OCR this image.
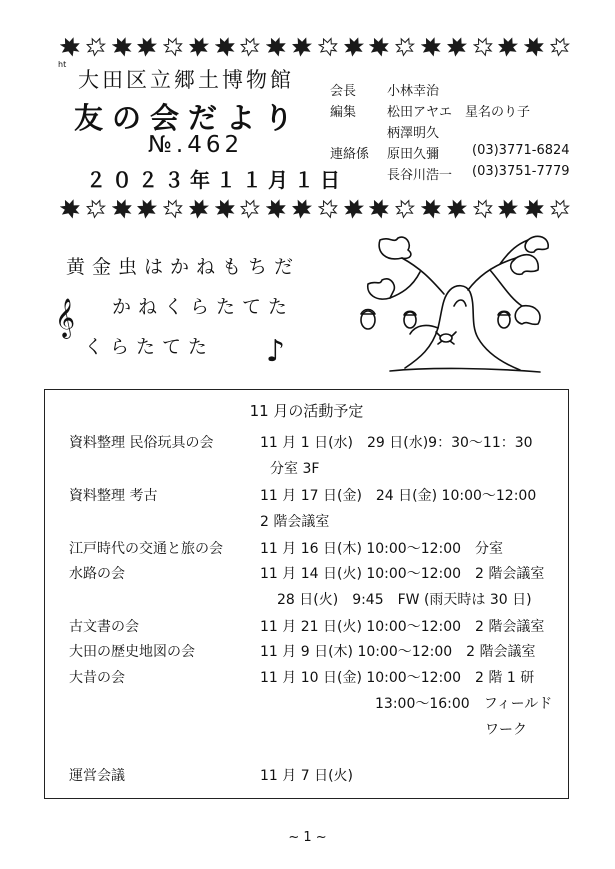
ht
大田区立郷土博物館
友の会だより
№.462
２０２３年１１月１日
会長 小林幸治
編集 松田アヤエ　星名のり子
柄澤明久
連絡係 原田久彌	(03)3771-6824
長谷川浩一 (03)3751-7779
黄金虫はかねもちだ
かねくらたてた
くらたてた
𝄞
♪
11 月の活動予定
資料整理 民俗玩具の会	11 月 1 日(水)　29 日(水)9：30〜11：30
分室 3F
資料整理 考古	11 月 17 日(金)　24 日(金) 10:00〜12:00
2 階会議室
江戸時代の交通と旅の会	11 月 16 日(木) 10:00〜12:00　分室
水路の会	11 月 14 日(火) 10:00〜12:00　2 階会議室
28 日(火)　9:45　FW (雨天時は 30 日)
古文書の会	11 月 21 日(火) 10:00〜12:00　2 階会議室
大田の歴史地図の会	11 月 9 日(木) 10:00〜12:00　2 階会議室
大昔の会	11 月 10 日(金) 10:00〜12:00　2 階 1 研
13:00〜16:00　フィールド
ワーク
運営会議	11 月 7 日(火)
~ 1 ~
